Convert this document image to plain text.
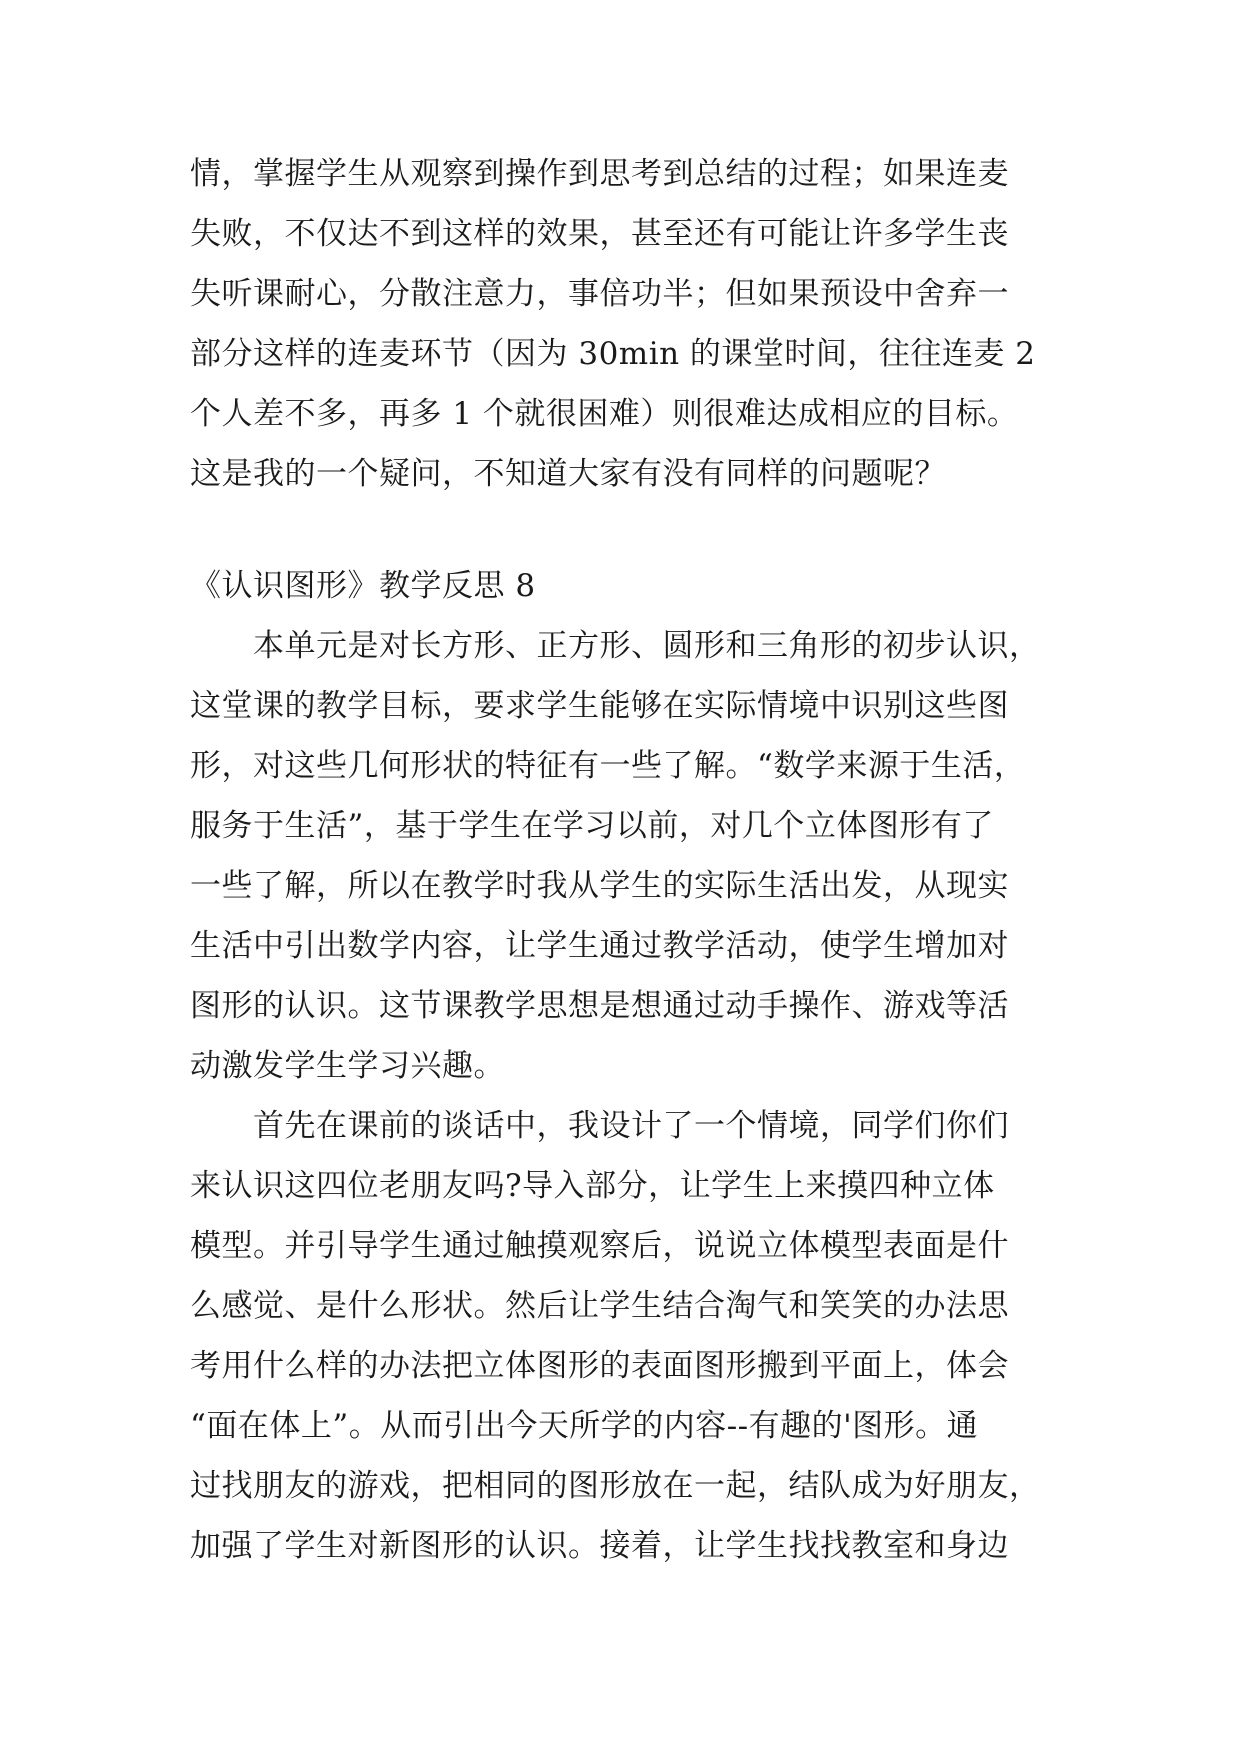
情，掌握学生从观察到操作到思考到总结的过程；如果连麦
失败，不仅达不到这样的效果，甚至还有可能让许多学生丧
失听课耐心，分散注意力，事倍功半；但如果预设中舍弃一
部分这样的连麦环节（因为 30min 的课堂时间，往往连麦 2
个人差不多，再多 1 个就很困难）则很难达成相应的目标。
这是我的一个疑问，不知道大家有没有同样的问题呢？
《认识图形》教学反思 8
本单元是对长方形、正方形、圆形和三角形的初步认识，
这堂课的教学目标，要求学生能够在实际情境中识别这些图
形，对这些几何形状的特征有一些了解。“数学来源于生活，
服务于生活”，基于学生在学习以前，对几个立体图形有了
一些了解，所以在教学时我从学生的实际生活出发，从现实
生活中引出数学内容，让学生通过教学活动，使学生增加对
图形的认识。这节课教学思想是想通过动手操作、游戏等活
动激发学生学习兴趣。
首先在课前的谈话中，我设计了一个情境，同学们你们
来认识这四位老朋友吗?导入部分，让学生上来摸四种立体
模型。并引导学生通过触摸观察后，说说立体模型表面是什
么感觉、是什么形状。然后让学生结合淘气和笑笑的办法思
考用什么样的办法把立体图形的表面图形搬到平面上，体会
“面在体上”。从而引出今天所学的内容--有趣的'图形。通
过找朋友的游戏，把相同的图形放在一起，结队成为好朋友，
加强了学生对新图形的认识。接着，让学生找找教室和身边
